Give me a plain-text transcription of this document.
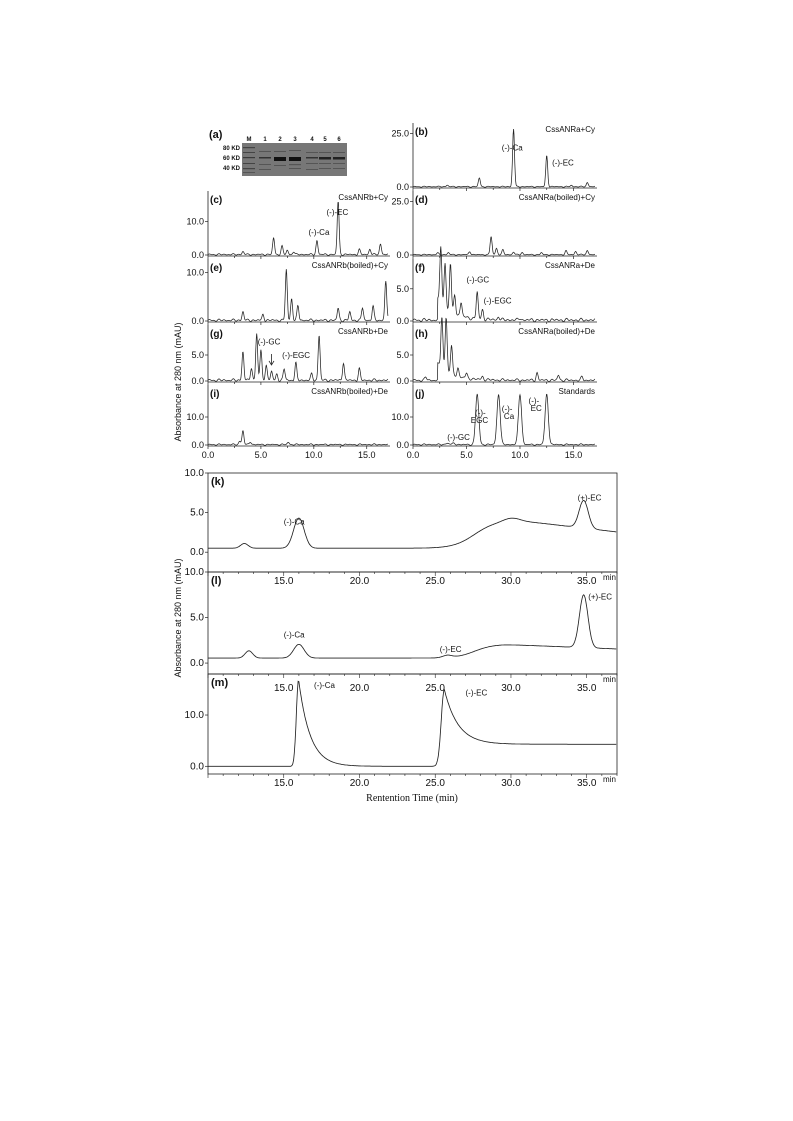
(a)	M 1 2 3 4 5 6
80 KD
60 KD
40 KD
25.0
0.0
(b)	CssANRa+Cy
(-)-Ca
(-)-EC
10.0
0.0
(c)	CssANRb+Cy
(-)-EC
(-)-Ca
25.0
0.0
(d)	CssANRa(boiled)+Cy
10.0
0.0
(e)	CssANRb(boiled)+Cy
5.0
0.0
(f)	CssANRa+De
(-)-GC
(-)-EGC
5.0
0.0
(g)	CssANRb+De
(-)-GC
(-)-EGC	5.0
0.0
(h)	CssANRa(boiled)+De
10.0
0.0
(i)	CssANRb(boiled)+De
10.0
0.0
(j)	Standards
(-)-GC
(-)-
EGC
(-)-
Ca
(-)-
EC
0.0	5.0	10.0	15.0	0.0	5.0	10.0	15.0
Absorbance at 280 nm (mAU)
10.0
5.0
0.0
(k)
(-)-Ca
(+)-EC
15.0	20.0	25.0	30.0	35.0 min
10.0
5.0
0.0
(l)
(-)-Ca
(-)-EC
(+)-EC
15.0	20.0	25.0	30.0	35.0
min
10.0
0.0
(m)	(-)-Ca
(-)-EC
15.0	20.0	25.0	30.0	35.0 min
Absorbance at 280 nm (mAU)
Rentention Time (min)
